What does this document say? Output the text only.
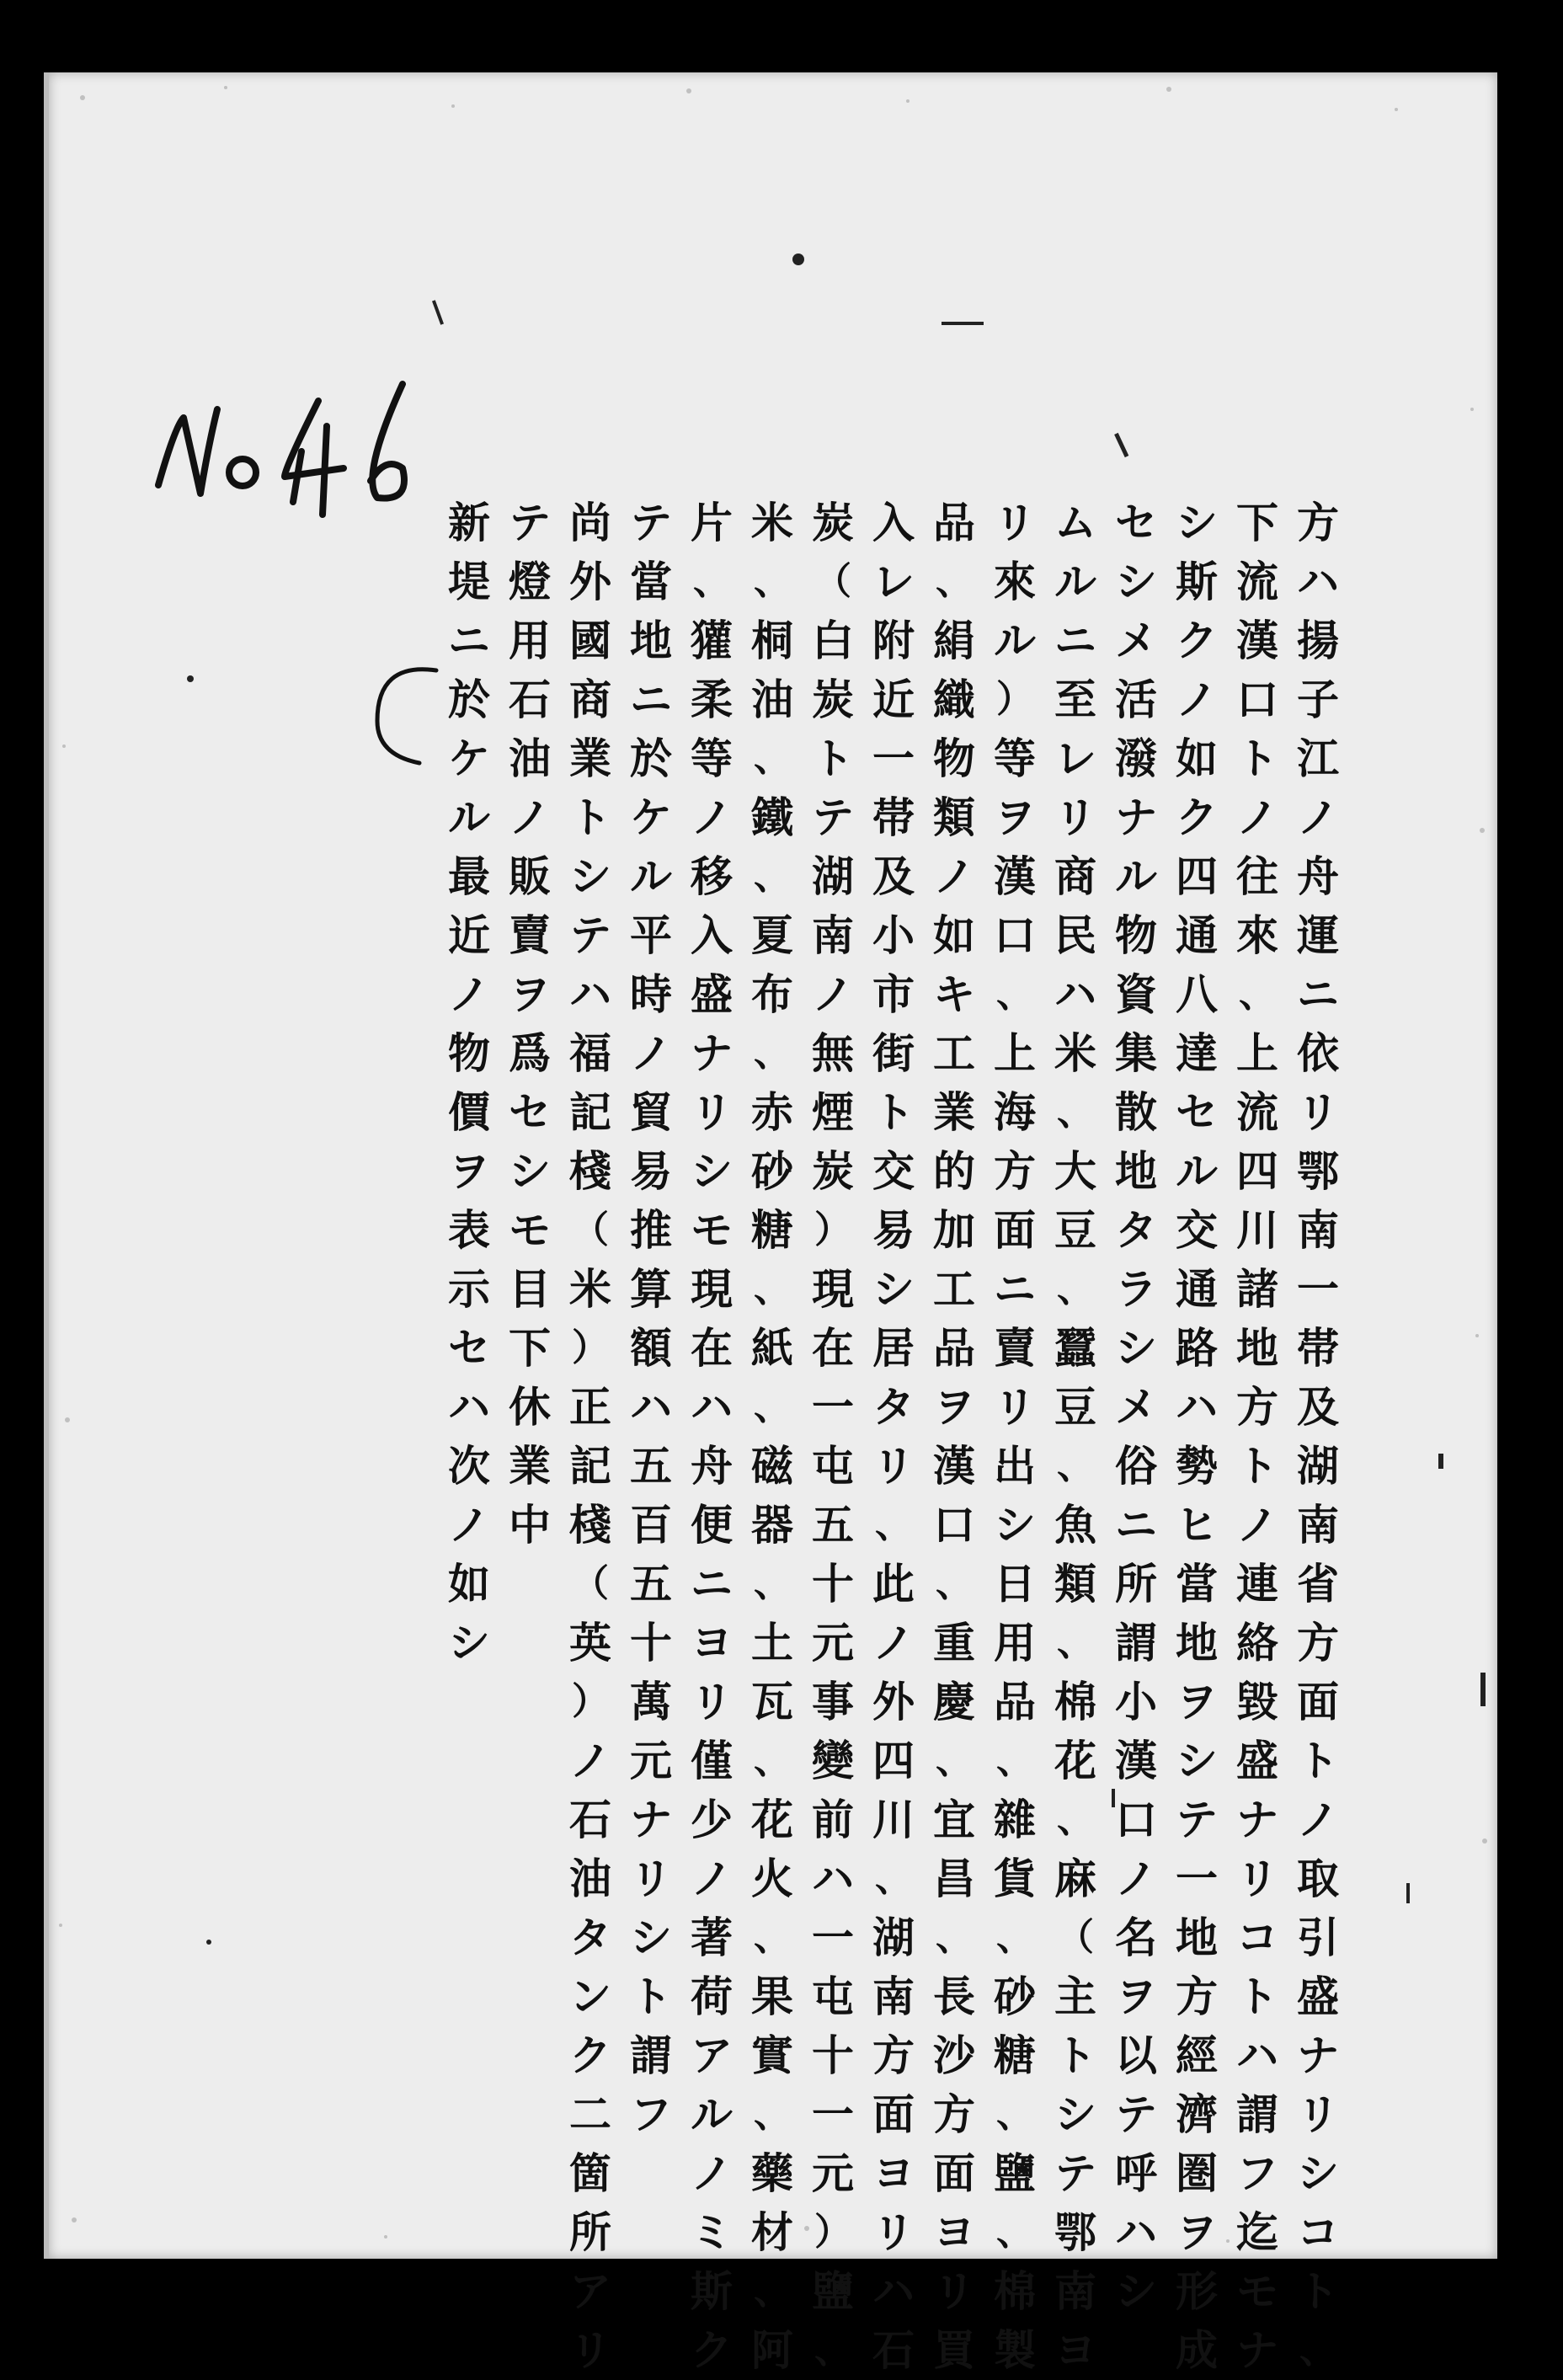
方
ハ
揚
子
江
ノ
舟
運
ニ
依
リ
鄂
南
一
帯
及
湖
南
省
方
面
ト
ノ
取
引
盛
ナ
リ
シ
コ
ト
、
下
流
漢
口
ト
ノ
往
來
、
上
流
四
川
諸
地
方
ト
ノ
連
絡
毀
盛
ナ
リ
コ
ト
ハ
謂
フ
迄
モ
ナ
シ
斯
ク
ノ
如
ク
四
通
八
達
セ
ル
交
通
路
ハ
勢
ヒ
當
地
ヲ
シ
テ
一
地
方
經
濟
圏
ヲ
形
成
セ
シ
メ
活
潑
ナ
ル
物
資
集
散
地
タ
ラ
シ
メ
俗
ニ
所
謂
小
漢
口
ノ
名
ヲ
以
テ
呼
ハ
シ
ム
ル
ニ
至
レ
リ
商
民
ハ
米
、
大
豆
、
蠶
豆
、
魚
類
、
棉
花
、
麻
（
主
ト
シ
テ
鄂
南
ヨ
リ
來
ル
）
等
ヲ
漢
口
、
上
海
方
面
ニ
賣
リ
出
シ
日
用
品
、
雜
貨
、
砂
糖
、
鹽
、
棉
製
品
、
絹
織
物
類
ノ
如
キ
工
業
的
加
工
品
ヲ
漢
口
、
重
慶
、
宜
昌
、
長
沙
方
面
ヨ
リ
買
入
レ
附
近
一
帯
及
小
市
街
ト
交
易
シ
居
タ
リ
、
此
ノ
外
四
川
、
湖
南
方
面
ヨ
リ
ハ
石
炭
（
白
炭
ト
テ
湖
南
ノ
無
煙
炭
）
現
在
一
屯
五
十
元
事
變
前
ハ
一
屯
十
一
元
）
鹽
、
米
、
桐
油
、
鐵
、
夏
布
、
赤
砂
糖
、
紙
、
磁
器
、
土
瓦
、
花
火
、
果
實
、
藥
材
、
阿
片
、
獾
柔
等
ノ
移
入
盛
ナ
リ
シ
モ
現
在
ハ
舟
便
ニ
ヨ
リ
僅
少
ノ
著
荷
ア
ル
ノ
ミ
斯
ク
テ
當
地
ニ
於
ケ
ル
平
時
ノ
貿
易
推
算
額
ハ
五
百
五
十
萬
元
ナ
リ
シ
ト
謂
フ
尚
外
國
商
業
ト
シ
テ
ハ
福
記
棧
（
米
）
正
記
棧
（
英
）
ノ
石
油
タ
ン
ク
二
箇
所
ア
リ
テ
燈
用
石
油
ノ
販
賣
ヲ
爲
セ
シ
モ
目
下
休
業
中
新
堤
ニ
於
ケ
ル
最
近
ノ
物
價
ヲ
表
示
セ
ハ
次
ノ
如
シ
